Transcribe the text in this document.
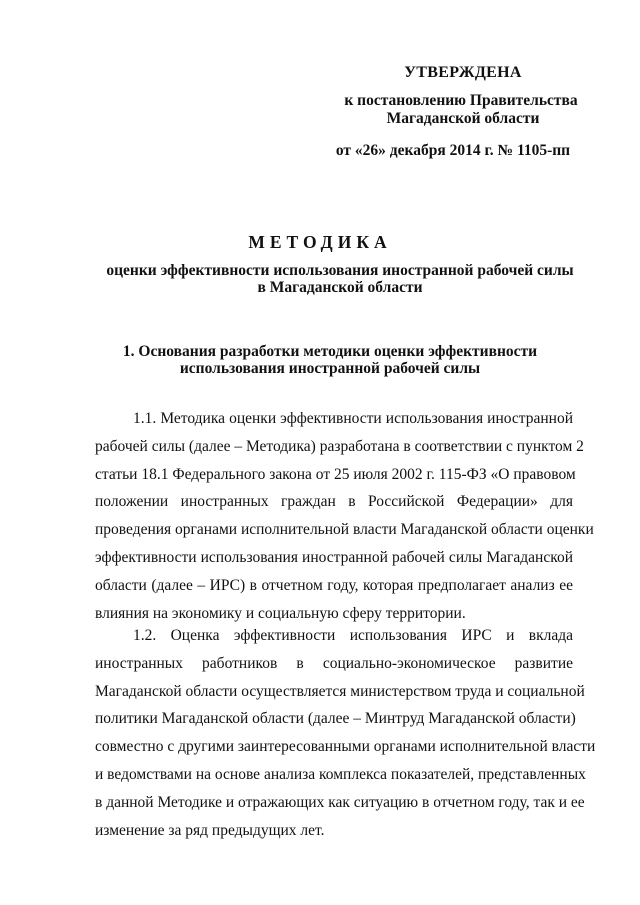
УТВЕРЖДЕНА
к постановлению Правительства
Магаданской области
от «26» декабря 2014 г. № 1105-пп
МЕТОДИКА
оценки эффективности использования иностранной рабочей силы
в Магаданской области
1. Основания разработки методики оценки эффективности
использования иностранной рабочей силы
1.1. Методика оценки эффективности использования иностранной
рабочей силы (далее – Методика) разработана в соответствии с пунктом 2
статьи 18.1 Федерального закона от 25 июля 2002 г. 115-ФЗ «О правовом
положении иностранных граждан в Российской Федерации» для
проведения органами исполнительной власти Магаданской области оценки
эффективности использования иностранной рабочей силы Магаданской
области (далее – ИРС) в отчетном году, которая предполагает анализ ее
влияния на экономику и социальную сферу территории.
1.2. Оценка эффективности использования ИРС и вклада
иностранных работников в социально-экономическое развитие
Магаданской области осуществляется министерством труда и социальной
политики Магаданской области (далее – Минтруд Магаданской области)
совместно с другими заинтересованными органами исполнительной власти
и ведомствами на основе анализа комплекса показателей, представленных
в данной Методике и отражающих как ситуацию в отчетном году, так и ее
изменение за ряд предыдущих лет.
